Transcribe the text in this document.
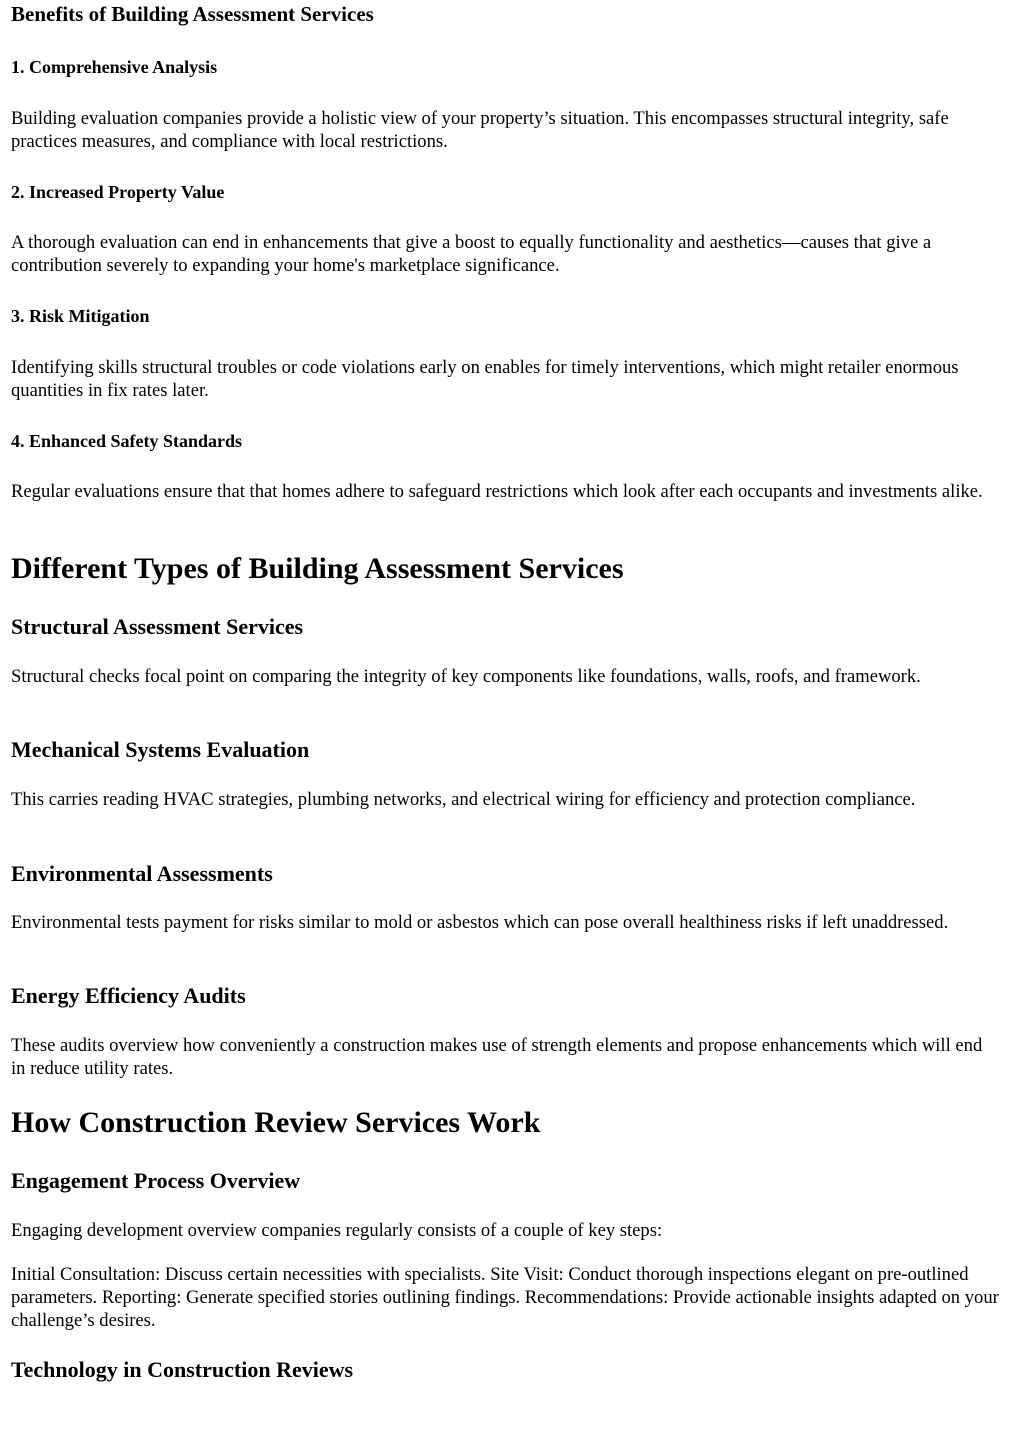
Benefits of Building Assessment Services
1. Comprehensive Analysis

Building evaluation companies provide a holistic view of your property’s situation. This encompasses structural integrity, safe practices measures, and compliance with local restrictions.

2. Increased Property Value

A thorough evaluation can end in enhancements that give a boost to equally functionality and aesthetics—causes that give a contribution severely to expanding your home's marketplace significance.

3. Risk Mitigation

Identifying skills structural troubles or code violations early on enables for timely interventions, which might retailer enormous quantities in fix rates later.

4. Enhanced Safety Standards

Regular evaluations ensure that that homes adhere to safeguard restrictions which look after each occupants and investments alike.

Different Types of Building Assessment Services
Structural Assessment Services

Structural checks focal point on comparing the integrity of key components like foundations, walls, roofs, and framework.

Mechanical Systems Evaluation

This carries reading HVAC strategies, plumbing networks, and electrical wiring for efficiency and protection compliance.

Environmental Assessments

Environmental tests payment for risks similar to mold or asbestos which can pose overall healthiness risks if left unaddressed.

Energy Efficiency Audits

These audits overview how conveniently a construction makes use of strength elements and propose enhancements which will end in reduce utility rates.

How Construction Review Services Work
Engagement Process Overview

Engaging development overview companies regularly consists of a couple of key steps:

Initial Consultation: Discuss certain necessities with specialists. Site Visit: Conduct thorough inspections elegant on pre-outlined parameters. Reporting: Generate specified stories outlining findings. Recommendations: Provide actionable insights adapted on your challenge’s desires.

Technology in Construction Reviews
